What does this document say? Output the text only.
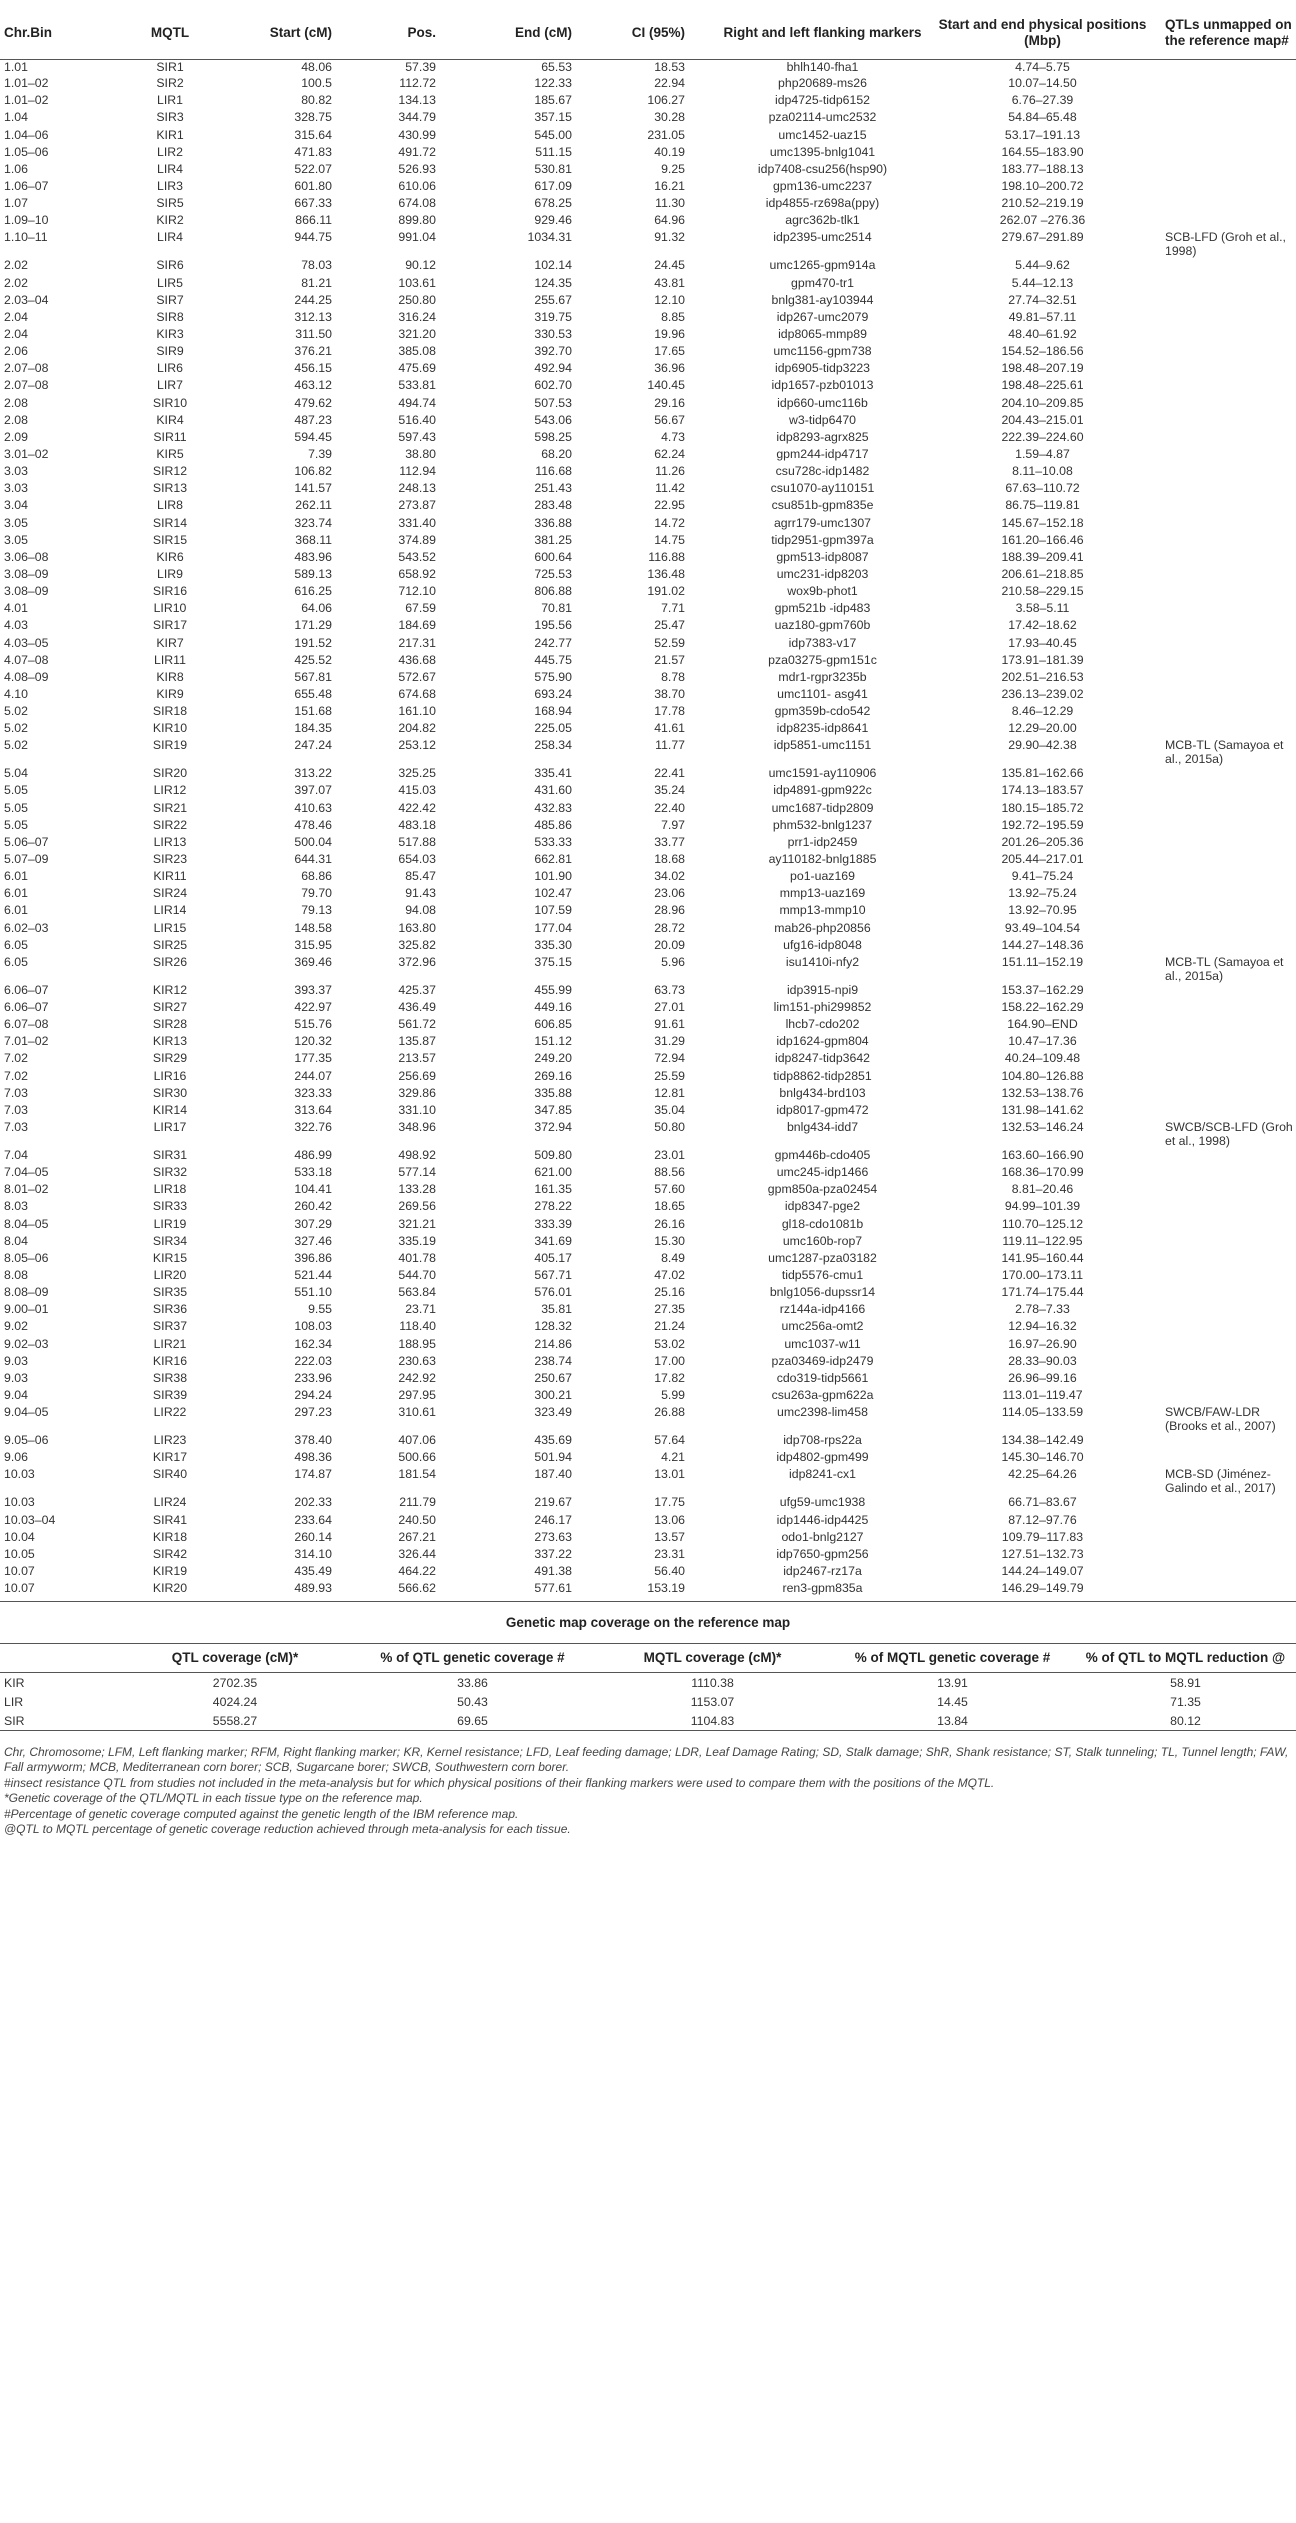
Chr.Bin	MQTL	Start (cM)	Pos.	End (cM)	CI (95%)	Right and left flanking markers	Start and end physical positions (Mbp)	QTLs unmapped on the reference map#
1.01	SIR1	48.06	57.39	65.53	18.53	bhlh140-fha1	4.74–5.75	
1.01–02	SIR2	100.5	112.72	122.33	22.94	php20689-ms26	10.07–14.50	
1.01–02	LIR1	80.82	134.13	185.67	106.27	idp4725-tidp6152	6.76–27.39	
1.04	SIR3	328.75	344.79	357.15	30.28	pza02114-umc2532	54.84–65.48	
1.04–06	KIR1	315.64	430.99	545.00	231.05	umc1452-uaz15	53.17–191.13	
1.05–06	LIR2	471.83	491.72	511.15	40.19	umc1395-bnlg1041	164.55–183.90	
1.06	LIR4	522.07	526.93	530.81	9.25	idp7408-csu256(hsp90)	183.77–188.13	
1.06–07	LIR3	601.80	610.06	617.09	16.21	gpm136-umc2237	198.10–200.72	
1.07	SIR5	667.33	674.08	678.25	11.30	idp4855-rz698a(ppy)	210.52–219.19	
1.09–10	KIR2	866.11	899.80	929.46	64.96	agrc362b-tlk1	262.07 –276.36	
1.10–11	LIR4	944.75	991.04	1034.31	91.32	idp2395-umc2514	279.67–291.89	SCB-LFD (Groh et al., 1998)
2.02	SIR6	78.03	90.12	102.14	24.45	umc1265-gpm914a	5.44–9.62	
2.02	LIR5	81.21	103.61	124.35	43.81	gpm470-tr1	5.44–12.13	
2.03–04	SIR7	244.25	250.80	255.67	12.10	bnlg381-ay103944	27.74–32.51	
2.04	SIR8	312.13	316.24	319.75	8.85	idp267-umc2079	49.81–57.11	
2.04	KIR3	311.50	321.20	330.53	19.96	idp8065-mmp89	48.40–61.92	
2.06	SIR9	376.21	385.08	392.70	17.65	umc1156-gpm738	154.52–186.56	
2.07–08	LIR6	456.15	475.69	492.94	36.96	idp6905-tidp3223	198.48–207.19	
2.07–08	LIR7	463.12	533.81	602.70	140.45	idp1657-pzb01013	198.48–225.61	
2.08	SIR10	479.62	494.74	507.53	29.16	idp660-umc116b	204.10–209.85	
2.08	KIR4	487.23	516.40	543.06	56.67	w3-tidp6470	204.43–215.01	
2.09	SIR11	594.45	597.43	598.25	4.73	idp8293-agrx825	222.39–224.60	
3.01–02	KIR5	7.39	38.80	68.20	62.24	gpm244-idp4717	1.59–4.87	
3.03	SIR12	106.82	112.94	116.68	11.26	csu728c-idp1482	8.11–10.08	
3.03	SIR13	141.57	248.13	251.43	11.42	csu1070-ay110151	67.63–110.72	
3.04	LIR8	262.11	273.87	283.48	22.95	csu851b-gpm835e	86.75–119.81	
3.05	SIR14	323.74	331.40	336.88	14.72	agrr179-umc1307	145.67–152.18	
3.05	SIR15	368.11	374.89	381.25	14.75	tidp2951-gpm397a	161.20–166.46	
3.06–08	KIR6	483.96	543.52	600.64	116.88	gpm513-idp8087	188.39–209.41	
3.08–09	LIR9	589.13	658.92	725.53	136.48	umc231-idp8203	206.61–218.85	
3.08–09	SIR16	616.25	712.10	806.88	191.02	wox9b-phot1	210.58–229.15	
4.01	LIR10	64.06	67.59	70.81	7.71	gpm521b -idp483	3.58–5.11	
4.03	SIR17	171.29	184.69	195.56	25.47	uaz180-gpm760b	17.42–18.62	
4.03–05	KIR7	191.52	217.31	242.77	52.59	idp7383-v17	17.93–40.45	
4.07–08	LIR11	425.52	436.68	445.75	21.57	pza03275-gpm151c	173.91–181.39	
4.08–09	KIR8	567.81	572.67	575.90	8.78	mdr1-rgpr3235b	202.51–216.53	
4.10	KIR9	655.48	674.68	693.24	38.70	umc1101- asg41	236.13–239.02	
5.02	SIR18	151.68	161.10	168.94	17.78	gpm359b-cdo542	8.46–12.29	
5.02	KIR10	184.35	204.82	225.05	41.61	idp8235-idp8641	12.29–20.00	
5.02	SIR19	247.24	253.12	258.34	11.77	idp5851-umc1151	29.90–42.38	MCB-TL (Samayoa et al., 2015a)
5.04	SIR20	313.22	325.25	335.41	22.41	umc1591-ay110906	135.81–162.66	
5.05	LIR12	397.07	415.03	431.60	35.24	idp4891-gpm922c	174.13–183.57	
5.05	SIR21	410.63	422.42	432.83	22.40	umc1687-tidp2809	180.15–185.72	
5.05	SIR22	478.46	483.18	485.86	7.97	phm532-bnlg1237	192.72–195.59	
5.06–07	LIR13	500.04	517.88	533.33	33.77	prr1-idp2459	201.26–205.36	
5.07–09	SIR23	644.31	654.03	662.81	18.68	ay110182-bnlg1885	205.44–217.01	
6.01	KIR11	68.86	85.47	101.90	34.02	po1-uaz169	9.41–75.24	
6.01	SIR24	79.70	91.43	102.47	23.06	mmp13-uaz169	13.92–75.24	
6.01	LIR14	79.13	94.08	107.59	28.96	mmp13-mmp10	13.92–70.95	
6.02–03	LIR15	148.58	163.80	177.04	28.72	mab26-php20856	93.49–104.54	
6.05	SIR25	315.95	325.82	335.30	20.09	ufg16-idp8048	144.27–148.36	
6.05	SIR26	369.46	372.96	375.15	5.96	isu1410i-nfy2	151.11–152.19	MCB-TL (Samayoa et al., 2015a)
6.06–07	KIR12	393.37	425.37	455.99	63.73	idp3915-npi9	153.37–162.29	
6.06–07	SIR27	422.97	436.49	449.16	27.01	lim151-phi299852	158.22–162.29	
6.07–08	SIR28	515.76	561.72	606.85	91.61	lhcb7-cdo202	164.90–END	
7.01–02	KIR13	120.32	135.87	151.12	31.29	idp1624-gpm804	10.47–17.36	
7.02	SIR29	177.35	213.57	249.20	72.94	idp8247-tidp3642	40.24–109.48	
7.02	LIR16	244.07	256.69	269.16	25.59	tidp8862-tidp2851	104.80–126.88	
7.03	SIR30	323.33	329.86	335.88	12.81	bnlg434-brd103	132.53–138.76	
7.03	KIR14	313.64	331.10	347.85	35.04	idp8017-gpm472	131.98–141.62	
7.03	LIR17	322.76	348.96	372.94	50.80	bnlg434-idd7	132.53–146.24	SWCB/SCB-LFD (Groh et al., 1998)
7.04	SIR31	486.99	498.92	509.80	23.01	gpm446b-cdo405	163.60–166.90	
7.04–05	SIR32	533.18	577.14	621.00	88.56	umc245-idp1466	168.36–170.99	
8.01–02	LIR18	104.41	133.28	161.35	57.60	gpm850a-pza02454	8.81–20.46	
8.03	SIR33	260.42	269.56	278.22	18.65	idp8347-pge2	94.99–101.39	
8.04–05	LIR19	307.29	321.21	333.39	26.16	gl18-cdo1081b	110.70–125.12	
8.04	SIR34	327.46	335.19	341.69	15.30	umc160b-rop7	119.11–122.95	
8.05–06	KIR15	396.86	401.78	405.17	8.49	umc1287-pza03182	141.95–160.44	
8.08	LIR20	521.44	544.70	567.71	47.02	tidp5576-cmu1	170.00–173.11	
8.08–09	SIR35	551.10	563.84	576.01	25.16	bnlg1056-dupssr14	171.74–175.44	
9.00–01	SIR36	9.55	23.71	35.81	27.35	rz144a-idp4166	2.78–7.33	
9.02	SIR37	108.03	118.40	128.32	21.24	umc256a-omt2	12.94–16.32	
9.02–03	LIR21	162.34	188.95	214.86	53.02	umc1037-w11	16.97–26.90	
9.03	KIR16	222.03	230.63	238.74	17.00	pza03469-idp2479	28.33–90.03	
9.03	SIR38	233.96	242.92	250.67	17.82	cdo319-tidp5661	26.96–99.16	
9.04	SIR39	294.24	297.95	300.21	5.99	csu263a-gpm622a	113.01–119.47	
9.04–05	LIR22	297.23	310.61	323.49	26.88	umc2398-lim458	114.05–133.59	SWCB/FAW-LDR (Brooks et al., 2007)
9.05–06	LIR23	378.40	407.06	435.69	57.64	idp708-rps22a	134.38–142.49	
9.06	KIR17	498.36	500.66	501.94	4.21	idp4802-gpm499	145.30–146.70	
10.03	SIR40	174.87	181.54	187.40	13.01	idp8241-cx1	42.25–64.26	MCB-SD (Jiménez-Galindo et al., 2017)
10.03	LIR24	202.33	211.79	219.67	17.75	ufg59-umc1938	66.71–83.67	
10.03–04	SIR41	233.64	240.50	246.17	13.06	idp1446-idp4425	87.12–97.76	
10.04	KIR18	260.14	267.21	273.63	13.57	odo1-bnlg2127	109.79–117.83	
10.05	SIR42	314.10	326.44	337.22	23.31	idp7650-gpm256	127.51–132.73	
10.07	KIR19	435.49	464.22	491.38	56.40	idp2467-rz17a	144.24–149.07	
10.07	KIR20	489.93	566.62	577.61	153.19	ren3-gpm835a	146.29–149.79	
Genetic map coverage on the reference map
	QTL coverage (cM)*	% of QTL genetic coverage #	MQTL coverage (cM)*	% of MQTL genetic coverage #	% of QTL to MQTL reduction @
KIR	2702.35	33.86	1110.38	13.91	58.91
LIR	4024.24	50.43	1153.07	14.45	71.35
SIR	5558.27	69.65	1104.83	13.84	80.12

Chr, Chromosome; LFM, Left flanking marker; RFM, Right flanking marker; KR, Kernel resistance; LFD, Leaf feeding damage; LDR, Leaf Damage Rating; SD, Stalk damage; ShR, Shank resistance; ST, Stalk tunneling; TL, Tunnel length; FAW, Fall armyworm; MCB, Mediterranean corn borer; SCB, Sugarcane borer; SWCB, Southwestern corn borer.

#insect resistance QTL from studies not included in the meta-analysis but for which physical positions of their flanking markers were used to compare them with the positions of the MQTL.

*Genetic coverage of the QTL/MQTL in each tissue type on the reference map.

#Percentage of genetic coverage computed against the genetic length of the IBM reference map.

@QTL to MQTL percentage of genetic coverage reduction achieved through meta-analysis for each tissue.
